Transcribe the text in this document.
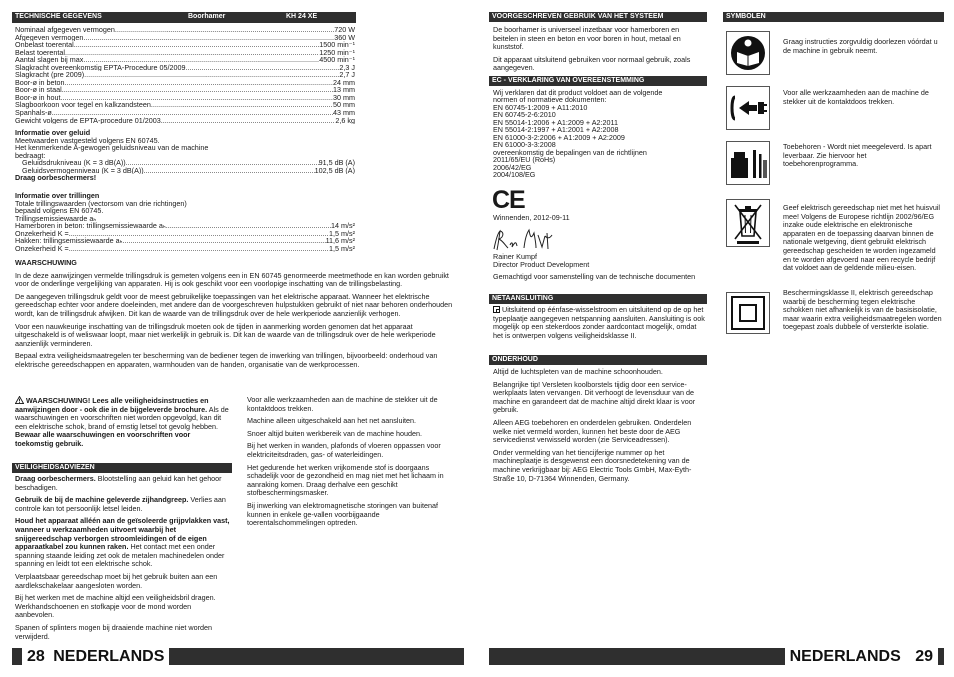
TECHNISCHE GEGEVENS	Boorhamer	KH 24 XE
Nominaal afgegeven vermogen .....	720 W
Afgegeven vermogen .....	360 W
Onbelast toerental .....	1500 min⁻¹
Belast toerental .....	1250 min⁻¹
Aantal slagen bij max. .....	4500 min⁻¹
Slagkracht overeenkomstig EPTA-Procedure 05/2009 .....	2,3 J
Slagkracht (pre 2009) .....	2,7 J
Boor-ø in beton .....	24 mm
Boor-ø in staal .....	13 mm
Boor-ø in hout .....	30 mm
Slagboorkoon voor tegel en kalkzandsteen .....	50 mm
Spanhals-ø .....	43 mm
Gewicht volgens de EPTA-procedure 01/2003 .....	2,6 kg
Informatie over geluid
Meetwaarden vastgesteld volgens EN 60745.
Het kenmerkende A-gewogen geluidsniveau van de machine
bedraagt:
Geluidsdrukniveau (K = 3 dB(A)) .....	91,5 dB (A)
Geluidsvermogenniveau (K = 3 dB(A)) .....	102,5 dB (A)
Draag oorbeschermers!
Informatie over trillingen
Totale trillingswaarden (vectorsom van drie richtingen)
bepaald volgens EN 60745.
Trillingsemissiewaarde aₕ
Hamerboren in beton: trillingsemissiewaarde aₕ .....	14 m/s²
Onzekerheid K = .....	1,5 m/s²
Hakken: trillingsemissiewaarde aₕ .....	11,6 m/s²
Onzekerheid K = .....	1,5 m/s²
WAARSCHUWING

In de deze aanwijzingen vermelde trillingsdruk is gemeten volgens een in EN 60745 genormeerde meetmethode en kan worden gebruikt voor de onderlinge vergelijking van apparaten. Hij is ook geschikt voor een voorlopige inschatting van de trillingsbelasting.

De aangegeven trillingsdruk geldt voor de meest gebruikelijke toepassingen van het elektrische apparaat. Wanneer het elektrische gereedschap echter voor andere doeleinden, met andere dan de voorgeschreven hulpstukken gebruikt of niet naar behoren onderhouden wordt, kan de trillingsdruk afwijken. Dit kan de waarde van de trillingsdruk over de hele werkperiode aanzienlijk verhogen.

Voor een nauwkeurige inschatting van de trillingsdruk moeten ook de tijden in aanmerking worden genomen dat het apparaat uitgeschakeld is of weliswaar loopt, maar niet werkelijk in gebruik is. Dit kan de waarde van de trillingsdruk over de hele werkperiode aanzienlijk verminderen.

Bepaal extra veiligheidsmaatregelen ter bescherming van de bediener tegen de inwerking van trillingen, bijvoorbeeld: onderhoud van elektrische gereedschappen en apparaten, warmhouden van de handen, organisatie van de werkprocessen.

WAARSCHUWING! Lees alle veiligheidsinstructies en aanwijzingen door - ook die in de bijgeleverde brochure. Als de waarschuwingen en voorschriften niet worden opgevolgd, kan dit een elektrische schok, brand of ernstig letsel tot gevolg hebben. Bewaar alle waarschuwingen en voorschriften voor toekomstig gebruik.

VEILIGHEIDSADVIEZEN

Draag oorbeschermers. Blootstelling aan geluid kan het gehoor beschadigen.

Gebruik de bij de machine geleverde zijhandgreep. Verlies aan controle kan tot persoonlijk letsel leiden.

Houd het apparaat alléén aan de geïsoleerde grijpvlakken vast, wanneer u werkzaamheden uitvoert waarbij het snijgereedschap verborgen stroomleidingen of de eigen apparaatkabel zou kunnen raken. Het contact met een onder spanning staande leiding zet ook de metalen machinedelen onder spanning en leidt tot een elektrische schok.

Verplaatsbaar gereedschap moet bij het gebruik buiten aan een aardlekschakelaar aangesloten worden.

Bij het werken met de machine altijd een veiligheidsbril dragen. Werkhandschoenen en stofkapje voor de mond worden aanbevolen.

Spanen of splinters mogen bij draaiende machine niet worden verwijderd.

Voor alle werkzaamheden aan de machine de stekker uit de kontaktdoos trekken.

Machine alleen uitgeschakeld aan het net aansluiten.

Snoer altijd buiten werkbereik van de machine houden.

Bij het werken in wanden, plafonds of vloeren oppassen voor elektriciteitsdraden, gas- of waterleidingen.

Het gedurende het werken vrijkomende stof is doorgaans schadelijk voor de gezondheid en mag niet met het lichaam in aanraking komen. Draag derhalve een geschikt stofbeschermingsmasker.

Bij inwerking van elektromagnetische storingen van buitenaf kunnen in enkele ge-vallen voorbijgaande toerentalschommelingen optreden.

28 NEDERLANDS
VOORGESCHREVEN GEBRUIK VAN HET SYSTEEM

De boorhamer is universeel inzetbaar voor hamerboren en beitelen in steen en beton en voor boren in hout, metaal en kunststof.

Dit apparaat uitsluitend gebruiken voor normaal gebruik, zoals aangegeven.

EC - VERKLARING VAN OVEREENSTEMMING
Wij verklaren dat dit product voldoet aan de volgende
normen of normatieve dokumenten:
EN 60745-1:2009 + A11:2010
EN 60745-2-6:2010
EN 55014-1:2006 + A1:2009 + A2:2011
EN 55014-2:1997 + A1:2001 + A2:2008
EN 61000-3-2:2006 + A1:2009 + A2:2009
EN 61000-3-3:2008
overeenkomstig de bepalingen van de richtlijnen
2011/65/EU (RoHs)
2006/42/EG
2004/108/EG
CE
Winnenden, 2012-09-11
Rainer Kumpf
Director Product Development
Gemachtigd voor samenstelling van de technische documenten
NETAANSLUITING
Uitsluitend op éénfase-wisselstroom en uitsluitend op de op het typeplaatje aangegeven netspanning aansluiten. Aansluiting is ook mogelijk op een stekerdoos zonder aardcontact mogelijk, omdat het is ontwerpen volgens veiligheidsklasse II.
ONDERHOUD

Altijd de luchtspleten van de machine schoonhouden.

Belangrijke tip! Versleten koolborstels tijdig door een service-werkplaats laten vervangen. Dit verhoogt de levensduur van de machine en garandeert dat de machine altijd direkt klaar is voor gebruik.

Alleen AEG toebehoren en onderdelen gebruiken. Onderdelen welke niet vermeld worden, kunnen het beste door de AEG servicedienst verwisseld worden (zie Serviceadressen).

Onder vermelding van het tiencijferige nummer op het machineplaatje is desgewenst een doorsnedetekening van de machine verkrijgbaar bij: AEG Electric Tools GmbH, Max-Eyth-Straße 10, D-71364 Winnenden, Germany.

SYMBOLEN
Graag instructies zorgvuldig doorlezen vóórdat u de machine in gebruik neemt.
Voor alle werkzaamheden aan de machine de stekker uit de kontaktdoos trekken.
Toebehoren - Wordt niet meegeleverd. Is apart leverbaar. Zie hiervoor het toebehorenprogramma.
Geef elektrisch gereedschap niet met het huisvuil mee! Volgens de Europese richtlijn 2002/96/EG inzake oude elektrische en elektronische apparaten en de toepassing daarvan binnen de nationale wetgeving, dient gebruikt elektrisch gereedschap gescheiden te worden ingezameld en te worden afgevoerd naar een recycle bedrijf dat voldoet aan de geldende milieu-eisen.
Beschermingsklasse II, elektrisch gereedschap waarbij de bescherming tegen elektrische schokken niet afhankelijk is van de basisisolatie, maar waarin extra veiligheidsmaatregelen worden toegepast zoals dubbele of versterkte isolatie.
NEDERLANDS 29
